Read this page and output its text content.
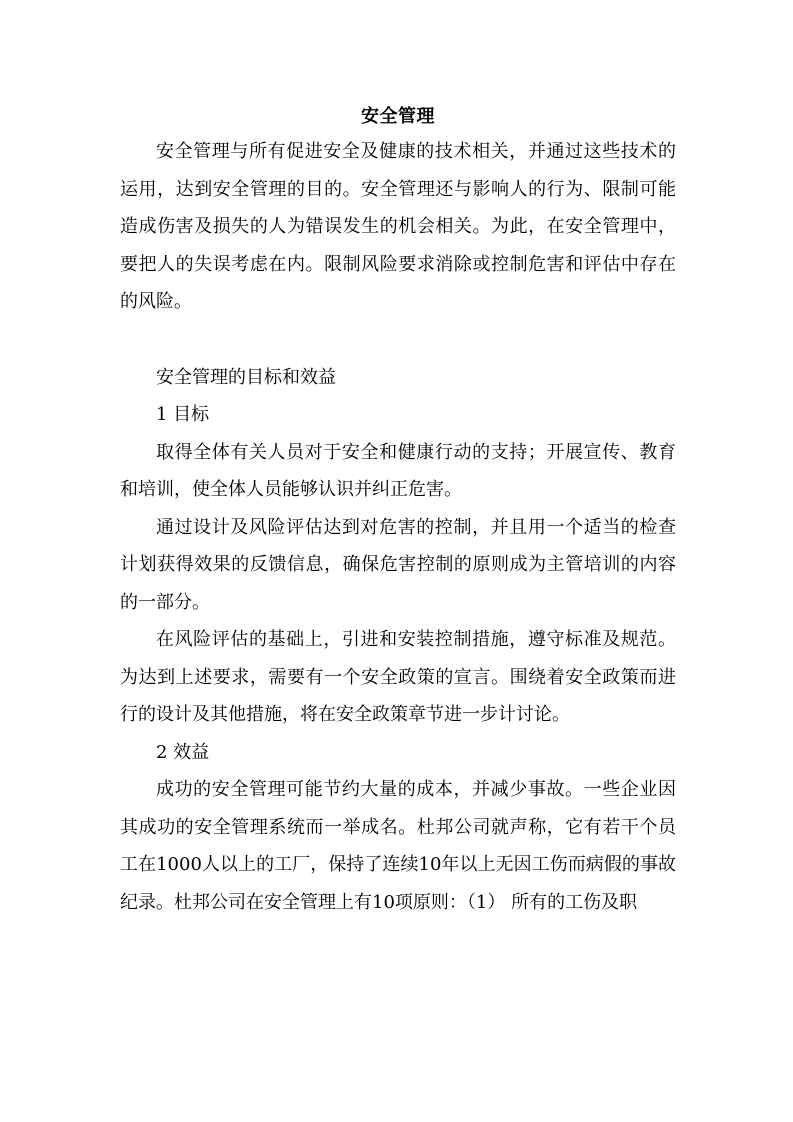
安全管理

安全管理与所有促进安全及健康的技术相关，并通过这些技术的运用，达到安全管理的目的。安全管理还与影响人的行为、限制可能造成伤害及损失的人为错误发生的机会相关。为此，在安全管理中，要把人的失误考虑在内。限制风险要求消除或控制危害和评估中存在的风险。

安全管理的目标和效益

1 目标

取得全体有关人员对于安全和健康行动的支持；开展宣传、教育和培训，使全体人员能够认识并纠正危害。

通过设计及风险评估达到对危害的控制，并且用一个适当的检查计划获得效果的反馈信息，确保危害控制的原则成为主管培训的内容的一部分。

在风险评估的基础上，引进和安装控制措施，遵守标准及规范。为达到上述要求，需要有一个安全政策的宣言。围绕着安全政策而进行的设计及其他措施，将在安全政策章节进一步计讨论。

2 效益

成功的安全管理可能节约大量的成本，并减少事故。一些企业因其成功的安全管理系统而一举成名。杜邦公司就声称，它有若干个员工在1000人以上的工厂，保持了连续10年以上无因工伤而病假的事故纪录。杜邦公司在安全管理上有10项原则：（1） 所有的工伤及职
